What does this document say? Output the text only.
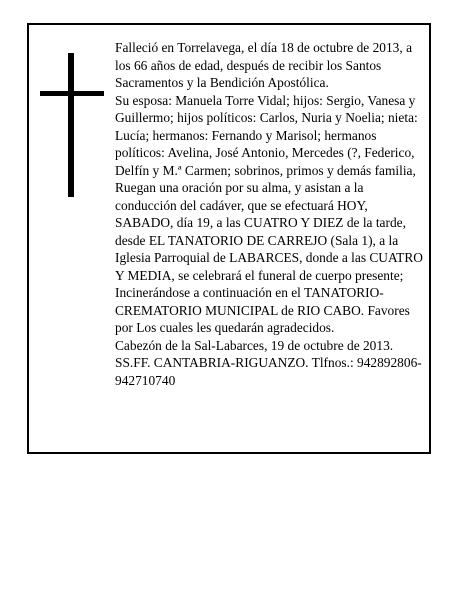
Falleció en Torrelavega, el día 18 de octubre de 2013, a los 66 años de edad, después de recibir los Santos Sacramentos y la Bendición Apostólica.

Su esposa: Manuela Torre Vidal; hijos: Sergio, Vanesa y Guillermo; hijos políticos: Carlos, Nuria y Noelia; nieta: Lucía; hermanos: Fernando y Marisol; hermanos políticos: Avelina, José Antonio, Mercedes (?, Federico, Delfín y M.ª Carmen; sobrinos, primos y demás familia,

Ruegan una oración por su alma, y asistan a la conducción del cadáver, que se efectuará HOY, SABADO, día 19, a las CUATRO Y DIEZ de la tarde, desde EL TANATORIO DE CARREJO (Sala 1), a la Iglesia Parroquial de LABARCES, donde a las CUATRO Y MEDIA, se celebrará el funeral de cuerpo presente; Incinerándose a continuación en el TANATORIO-CREMATORIO MUNICIPAL de RIO CABO. Favores por Los cuales les quedarán agradecidos.

Cabezón de la Sal-Labarces, 19 de octubre de 2013.

SS.FF. CANTABRIA-RIGUANZO. Tlfnos.: 942892806-942710740
